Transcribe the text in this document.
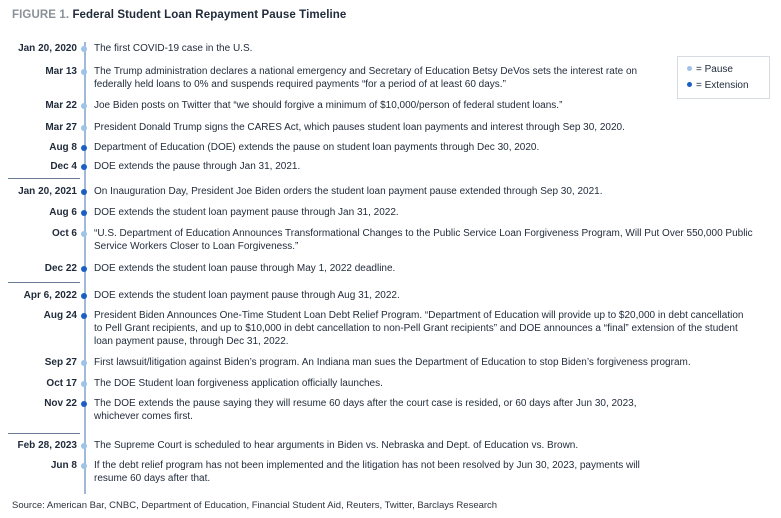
FIGURE 1. Federal Student Loan Repayment Pause Timeline
Jan 20, 2020 The first COVID-19 case in the U.S.
Mar 13 The Trump administration declares a national emergency and Secretary of Education Betsy DeVos sets the interest rate on federally held loans to 0% and suspends required payments “for a period of at least 60 days.”
Mar 22 Joe Biden posts on Twitter that “we should forgive a minimum of $10,000/person of federal student loans.”
Mar 27 President Donald Trump signs the CARES Act, which pauses student loan payments and interest through Sep 30, 2020.
Aug 8 Department of Education (DOE) extends the pause on student loan payments through Dec 30, 2020.
Dec 4 DOE extends the pause through Jan 31, 2021.
Jan 20, 2021 On Inauguration Day, President Joe Biden orders the student loan payment pause extended through Sep 30, 2021.
Aug 6 DOE extends the student loan payment pause through Jan 31, 2022.
Oct 6 “U.S. Department of Education Announces Transformational Changes to the Public Service Loan Forgiveness Program, Will Put Over 550,000 Public Service Workers Closer to Loan Forgiveness.”
Dec 22 DOE extends the student loan pause through May 1, 2022 deadline.
Apr 6, 2022 DOE extends the student loan payment pause through Aug 31, 2022.
Aug 24 President Biden Announces One-Time Student Loan Debt Relief Program. “Department of Education will provide up to $20,000 in debt cancellation to Pell Grant recipients, and up to $10,000 in debt cancellation to non-Pell Grant recipients” and DOE announces a “final” extension of the student loan payment pause, through Dec 31, 2022.
Sep 27 First lawsuit/litigation against Biden’s program. An Indiana man sues the Department of Education to stop Biden’s forgiveness program.
Oct 17 The DOE Student loan forgiveness application officially launches.
Nov 22 The DOE extends the pause saying they will resume 60 days after the court case is resided, or 60 days after Jun 30, 2023, whichever comes first.
Feb 28, 2023 The Supreme Court is scheduled to hear arguments in Biden vs. Nebraska and Dept. of Education vs. Brown.
Jun 8 If the debt relief program has not been implemented and the litigation has not been resolved by Jun 30, 2023, payments will resume 60 days after that.
= Pause
= Extension
Source: American Bar, CNBC, Department of Education, Financial Student Aid, Reuters, Twitter, Barclays Research
